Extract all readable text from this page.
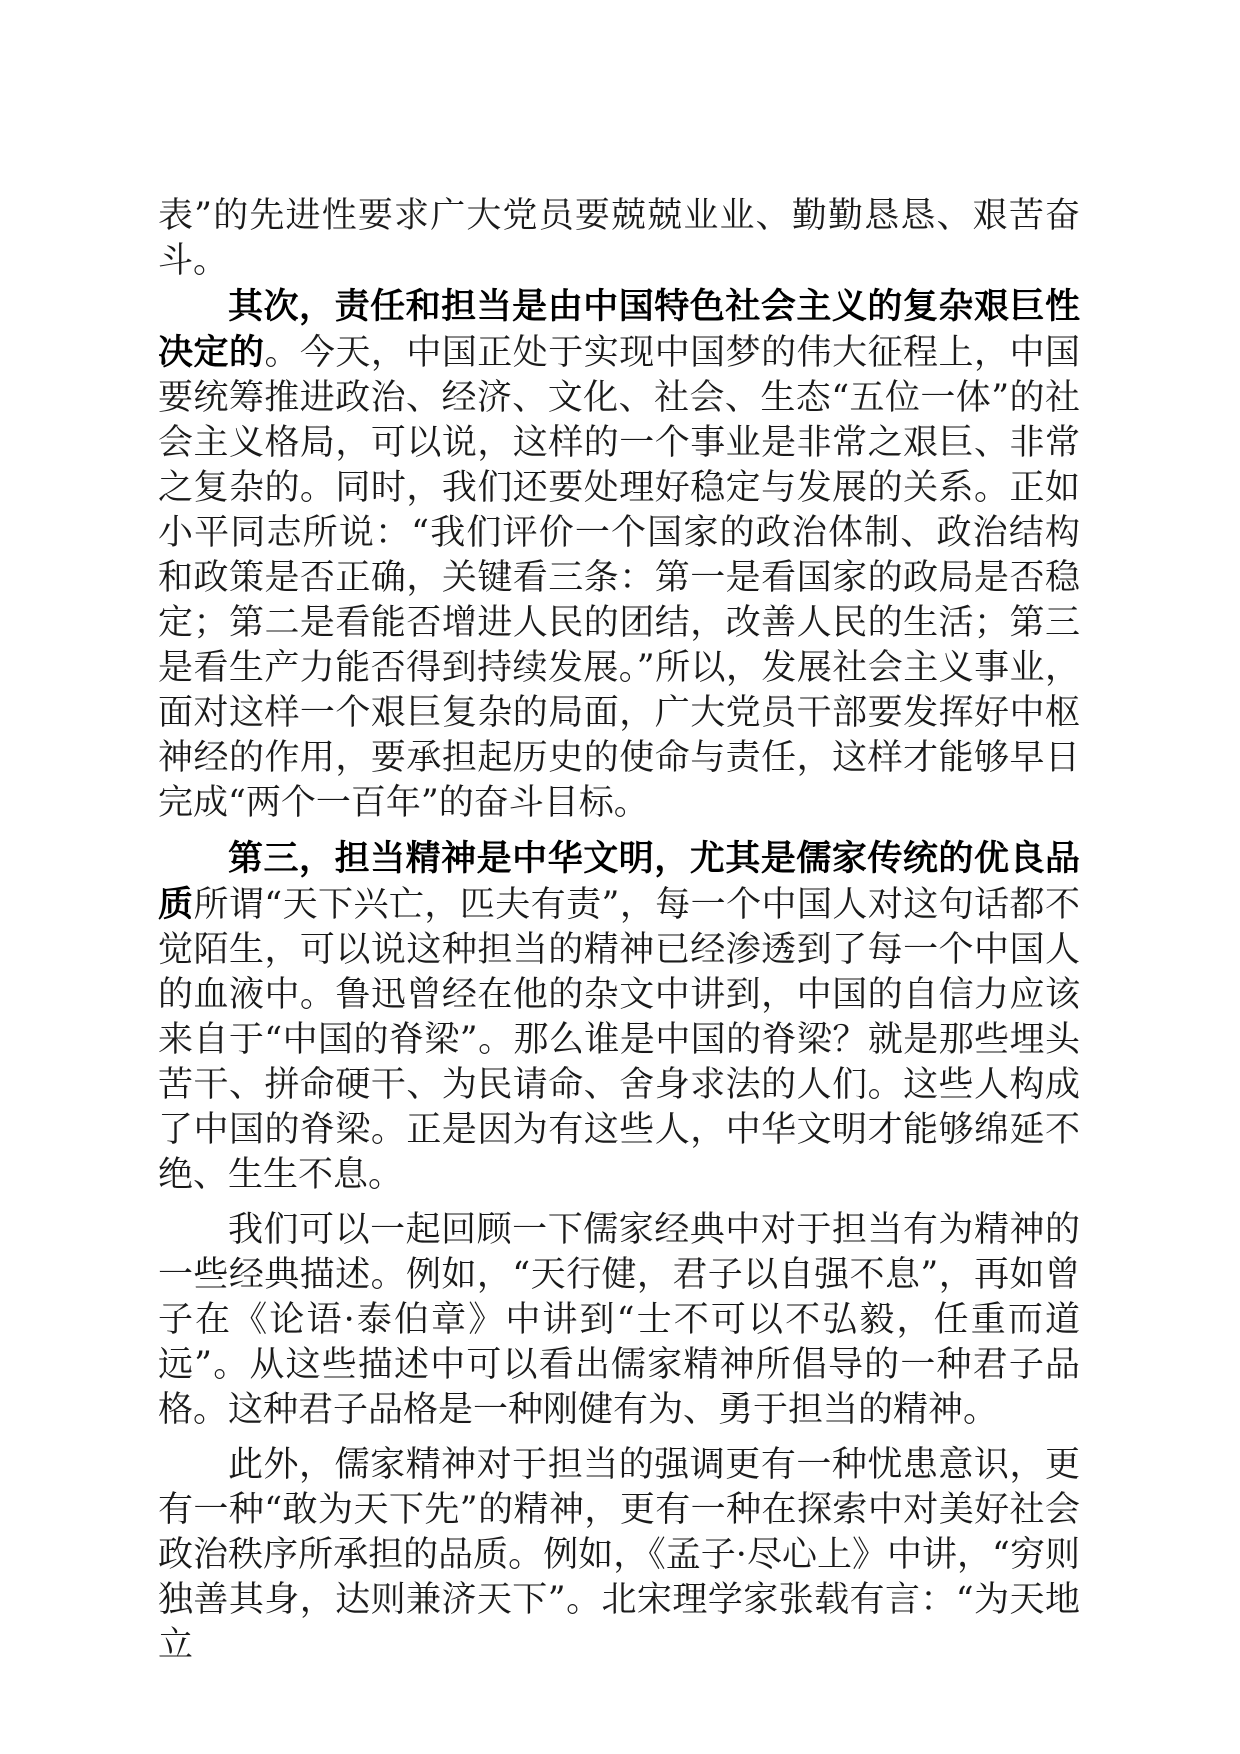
表”的先进性要求广大党员要兢兢业业、勤勤恳恳、艰苦奋斗。

其次，责任和担当是由中国特色社会主义的复杂艰巨性决定的。今天，中国正处于实现中国梦的伟大征程上，中国要统筹推进政治、经济、文化、社会、生态“五位一体”的社会主义格局，可以说，这样的一个事业是非常之艰巨、非常之复杂的。同时，我们还要处理好稳定与发展的关系。正如小平同志所说：“我们评价一个国家的政治体制、政治结构和政策是否正确，关键看三条：第一是看国家的政局是否稳定；第二是看能否增进人民的团结，改善人民的生活；第三是看生产力能否得到持续发展。”所以，发展社会主义事业，面对这样一个艰巨复杂的局面，广大党员干部要发挥好中枢神经的作用，要承担起历史的使命与责任，这样才能够早日完成“两个一百年”的奋斗目标。

第三，担当精神是中华文明，尤其是儒家传统的优良品质所谓“天下兴亡，匹夫有责”，每一个中国人对这句话都不觉陌生，可以说这种担当的精神已经渗透到了每一个中国人的血液中。鲁迅曾经在他的杂文中讲到，中国的自信力应该来自于“中国的脊梁”。那么谁是中国的脊梁？就是那些埋头苦干、拼命硬干、为民请命、舍身求法的人们。这些人构成了中国的脊梁。正是因为有这些人，中华文明才能够绵延不绝、生生不息。

我们可以一起回顾一下儒家经典中对于担当有为精神的一些经典描述。例如，“天行健，君子以自强不息”，再如曾子在《论语·泰伯章》中讲到“士不可以不弘毅，任重而道远”。从这些描述中可以看出儒家精神所倡导的一种君子品格。这种君子品格是一种刚健有为、勇于担当的精神。

此外，儒家精神对于担当的强调更有一种忧患意识，更有一种“敢为天下先”的精神，更有一种在探索中对美好社会政治秩序所承担的品质。例如，《孟子·尽心上》中讲，“穷则独善其身，达则兼济天下”。北宋理学家张载有言：“为天地立
